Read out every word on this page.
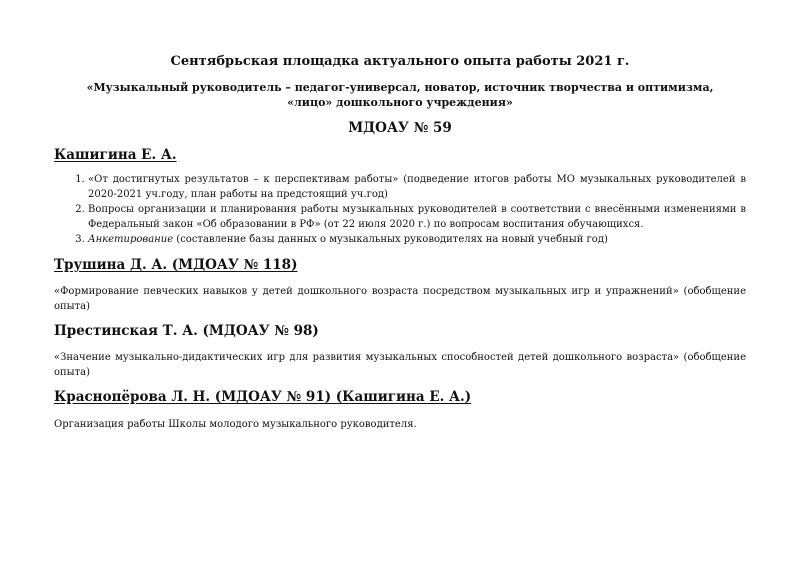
Сентябрьская площадка актуального опыта работы 2021 г.
«Музыкальный руководитель – педагог-универсал, новатор, источник творчества и оптимизма, «лицо» дошкольного учреждения»
МДОАУ № 59
Кашигина Е. А.
1. «От достигнутых результатов – к перспективам работы» (подведение итогов работы МО музыкальных руководителей в 2020-2021 уч.году, план работы на предстоящий уч.год)
2. Вопросы организации и планирования работы музыкальных руководителей в соответствии с внесёнными изменениями в Федеральный закон «Об образовании в РФ» (от 22 июля 2020 г.) по вопросам воспитания обучающихся.
3. Анкетирование (составление базы данных о музыкальных руководителях на новый учебный год)
Трушина Д. А. (МДОАУ № 118)
«Формирование певческих навыков у детей дошкольного возраста посредством музыкальных игр и упражнений» (обобщение опыта)
Престинская Т. А. (МДОАУ № 98)
«Значение музыкально-дидактических игр для развития музыкальных способностей детей дошкольного возраста» (обобщение опыта)
Краснопёрова Л. Н. (МДОАУ № 91) (Кашигина Е. А.)
Организация работы Школы молодого музыкального руководителя.
